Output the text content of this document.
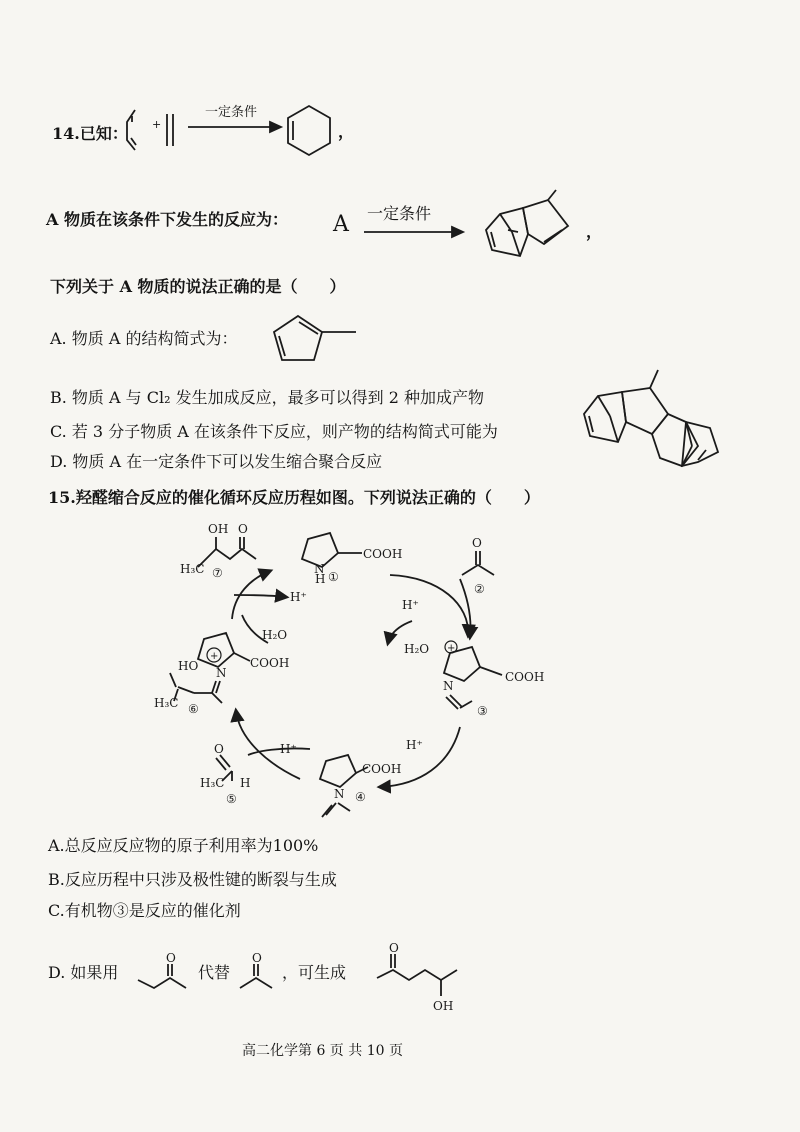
14.已知： +
一定条件
，
A 物质在该条件下发生的反应为： A 一定条件
，
下列关于 A 物质的说法正确的是（　　）
A. 物质 A 的结构简式为：
B. 物质 A 与 Cl₂ 发生加成反应，最多可以得到 2 种加成产物
C. 若 3 分子物质 A 在该条件下反应，则产物的结构简式可能为
D. 物质 A 在一定条件下可以发生缩合聚合反应
15.羟醛缩合反应的催化循环反应历程如图。下列说法正确的（　　）
COOH
N
H ①
O
②
COOH
N
+
③
COOH
N ④
O
H₃C H
⑤
+	COOH
N
HO
H₃C ⑥
OH O
H₃C ⑦
H⁺
H⁺
H⁺
H⁺
H₂O
H₂O
A.总反应反应物的原子利用率为100%
B.反应历程中只涉及极性键的断裂与生成
C.有机物③是反应的催化剂
D. 如果用
O
代替
O
，可生成
O
OH
高二化学第 6 页 共 10 页
